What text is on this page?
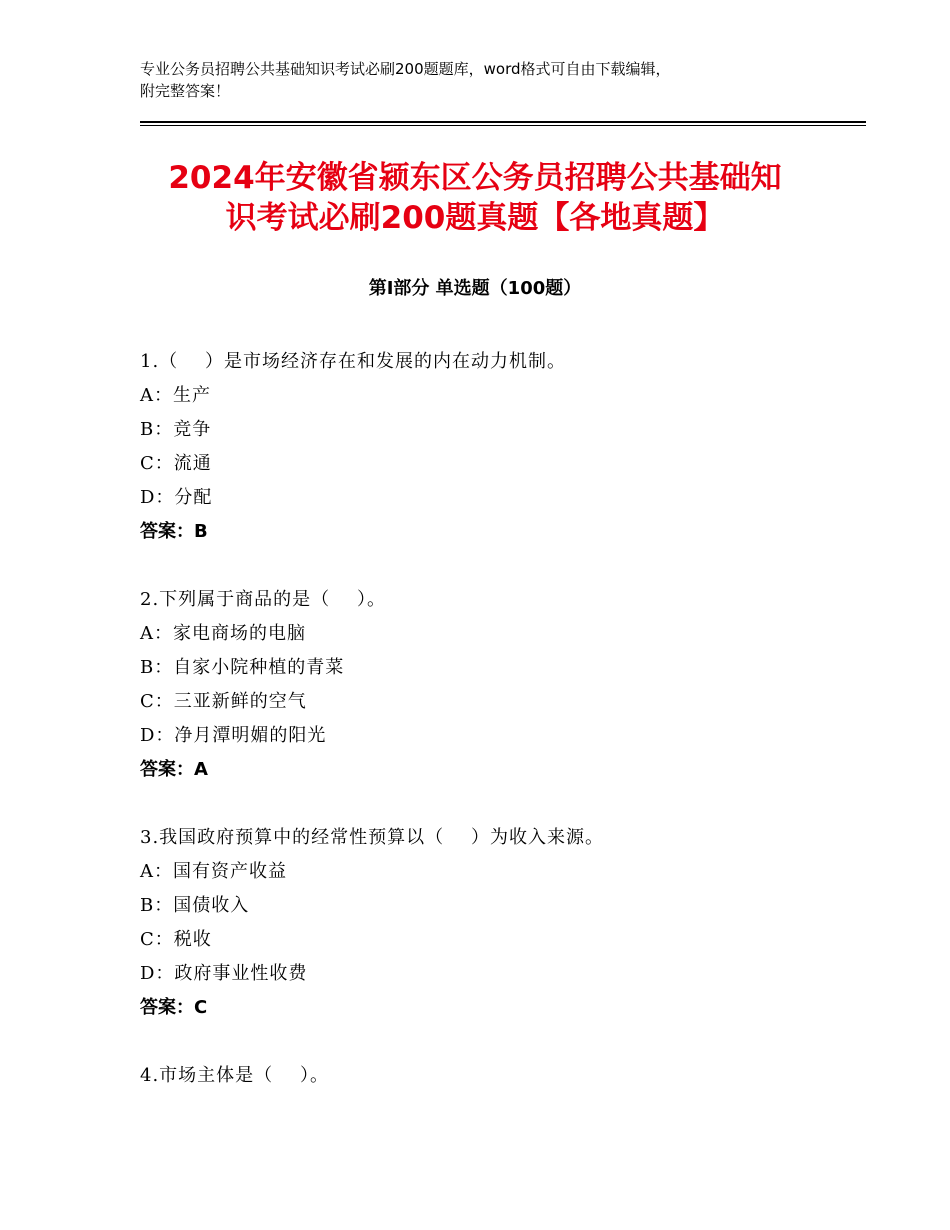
专业公务员招聘公共基础知识考试必刷200题题库，word格式可自由下载编辑，
附完整答案！
2024年安徽省颍东区公务员招聘公共基础知
识考试必刷200题真题【各地真题】
第Ⅰ部分 单选题（100题）
1.（    ）是市场经济存在和发展的内在动力机制。
A：生产
B：竞争
C：流通
D：分配
答案：B
2.下列属于商品的是（    ）。
A：家电商场的电脑
B：自家小院种植的青菜
C：三亚新鲜的空气
D：净月潭明媚的阳光
答案：A
3.我国政府预算中的经常性预算以（    ）为收入来源。
A：国有资产收益
B：国债收入
C：税收
D：政府事业性收费
答案：C
4.市场主体是（    ）。
